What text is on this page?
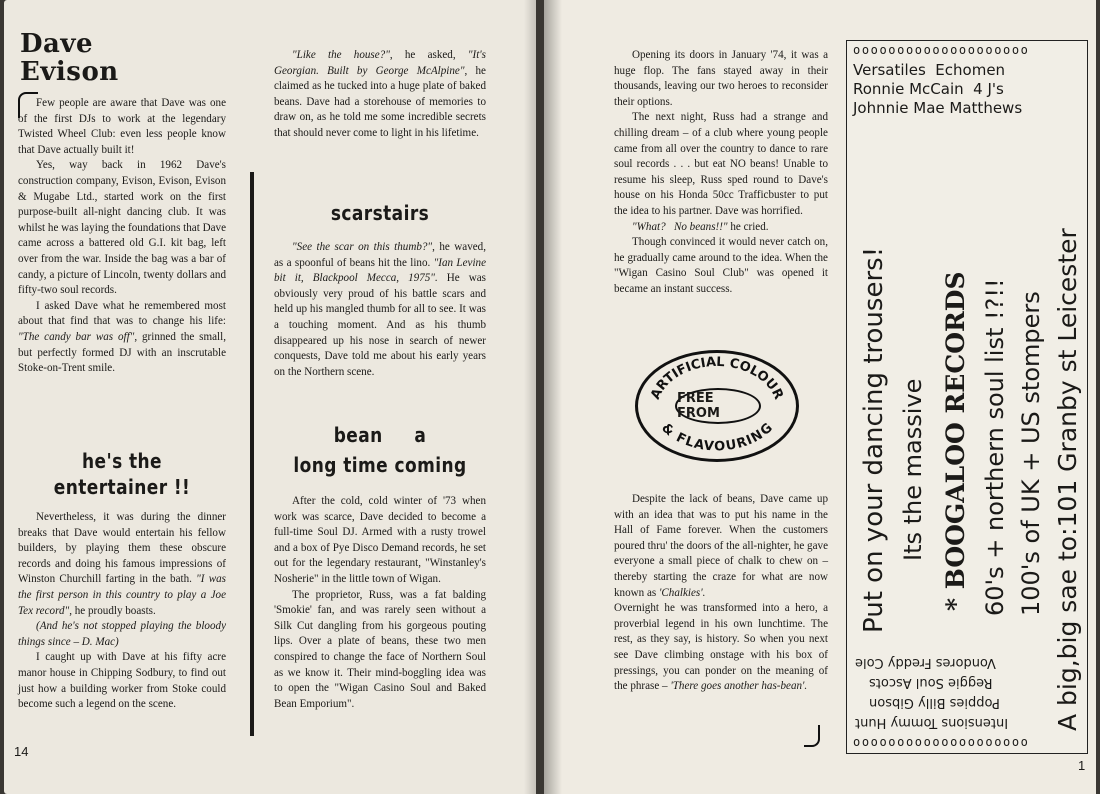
Dave
Evison

Few people are aware that Dave was one of the first DJs to work at the legendary Twisted Wheel Club: even less people know that Dave actually built it!

Yes, way back in 1962 Dave's construction company, Evison, Evison, Evison & Mugabe Ltd., started work on the first purpose-built all-night dancing club. It was whilst he was laying the foundations that Dave came across a battered old G.I. kit bag, left over from the war. Inside the bag was a bar of candy, a picture of Lincoln, twenty dollars and fifty-two soul records.

I asked Dave what he remembered most about that find that was to change his life: "The candy bar was off", grinned the small, but perfectly formed DJ with an inscrutable Stoke-on-Trent smile.

he's the
entertainer !!

Nevertheless, it was during the dinner breaks that Dave would entertain his fellow builders, by playing them these obscure records and doing his famous impressions of Winston Churchill farting in the bath. "I was the first person in this country to play a Joe Tex record", he proudly boasts.

(And he's not stopped playing the bloody things since – D. Mac)

I caught up with Dave at his fifty acre manor house in Chipping Sodbury, to find out just how a building worker from Stoke could become such a legend on the scene.

14

"Like the house?", he asked, "It's Georgian. Built by George McAlpine", he claimed as he tucked into a huge plate of baked beans. Dave had a storehouse of memories to draw on, as he told me some incredible secrets that should never come to light in his lifetime.

scarstairs

"See the scar on this thumb?", he waved, as a spoonful of beans hit the lino. "Ian Levine bit it, Blackpool Mecca, 1975". He was obviously very proud of his battle scars and held up his mangled thumb for all to see. It was a touching moment. And as his thumb disappeared up his nose in search of newer conquests, Dave told me about his early years on the Northern scene.

bean     a
long time coming

After the cold, cold winter of '73 when work was scarce, Dave decided to become a full-time Soul DJ. Armed with a rusty trowel and a box of Pye Disco Demand records, he set out for the legendary restaurant, "Winstanley's Nosherie" in the little town of Wigan.

The proprietor, Russ, was a fat balding 'Smokie' fan, and was rarely seen without a Silk Cut dangling from his gorgeous pouting lips. Over a plate of beans, these two men conspired to change the face of Northern Soul as we know it. Their mind-boggling idea was to open the "Wigan Casino Soul and Baked Bean Emporium".

Opening its doors in January '74, it was a huge flop. The fans stayed away in their thousands, leaving our two heroes to reconsider their options.

The next night, Russ had a strange and chilling dream – of a club where young people came from all over the country to dance to rare soul records . . . but eat NO beans! Unable to resume his sleep, Russ sped round to Dave's house on his Honda 50cc Trafficbuster to put the idea to his partner. Dave was horrified.

"What?   No beans!!" he cried.

Though convinced it would never catch on, he gradually came around to the idea. When the "Wigan Casino Soul Club" was opened it became an instant success.

Despite the lack of beans, Dave came up with an idea that was to put his name in the Hall of Fame forever. When the customers poured thru' the doors of the all-nighter, he gave everyone a small piece of chalk to chew on – thereby starting the craze for what are now known as 'Chalkies'.

Overnight he was transformed into a hero, a proverbial legend in his own lunchtime. The rest, as they say, is history. So when you next see Dave climbing onstage with his box of pressings, you can ponder on the meaning of the phrase – 'There goes another has-bean'.

ARTIFICIAL COLOUR
& FLAVOURING
FREE FROM
oooooooooooooooooooo
Versatiles  Echomen
Ronnie McCain  4 J's
Johnnie Mae Matthews
Put on your dancing trousers! Its the massive * BOOGALOO RECORDS 60's + northern soul list !?!! 100's of UK + US stompers A big,big sae to:101 Granby st Leicester
Vondores Freddy Cole
Reggie Soul Ascots
Poppies Billy Gibson
Intensions Tommy Hunt
oooooooooooooooooooo
1
